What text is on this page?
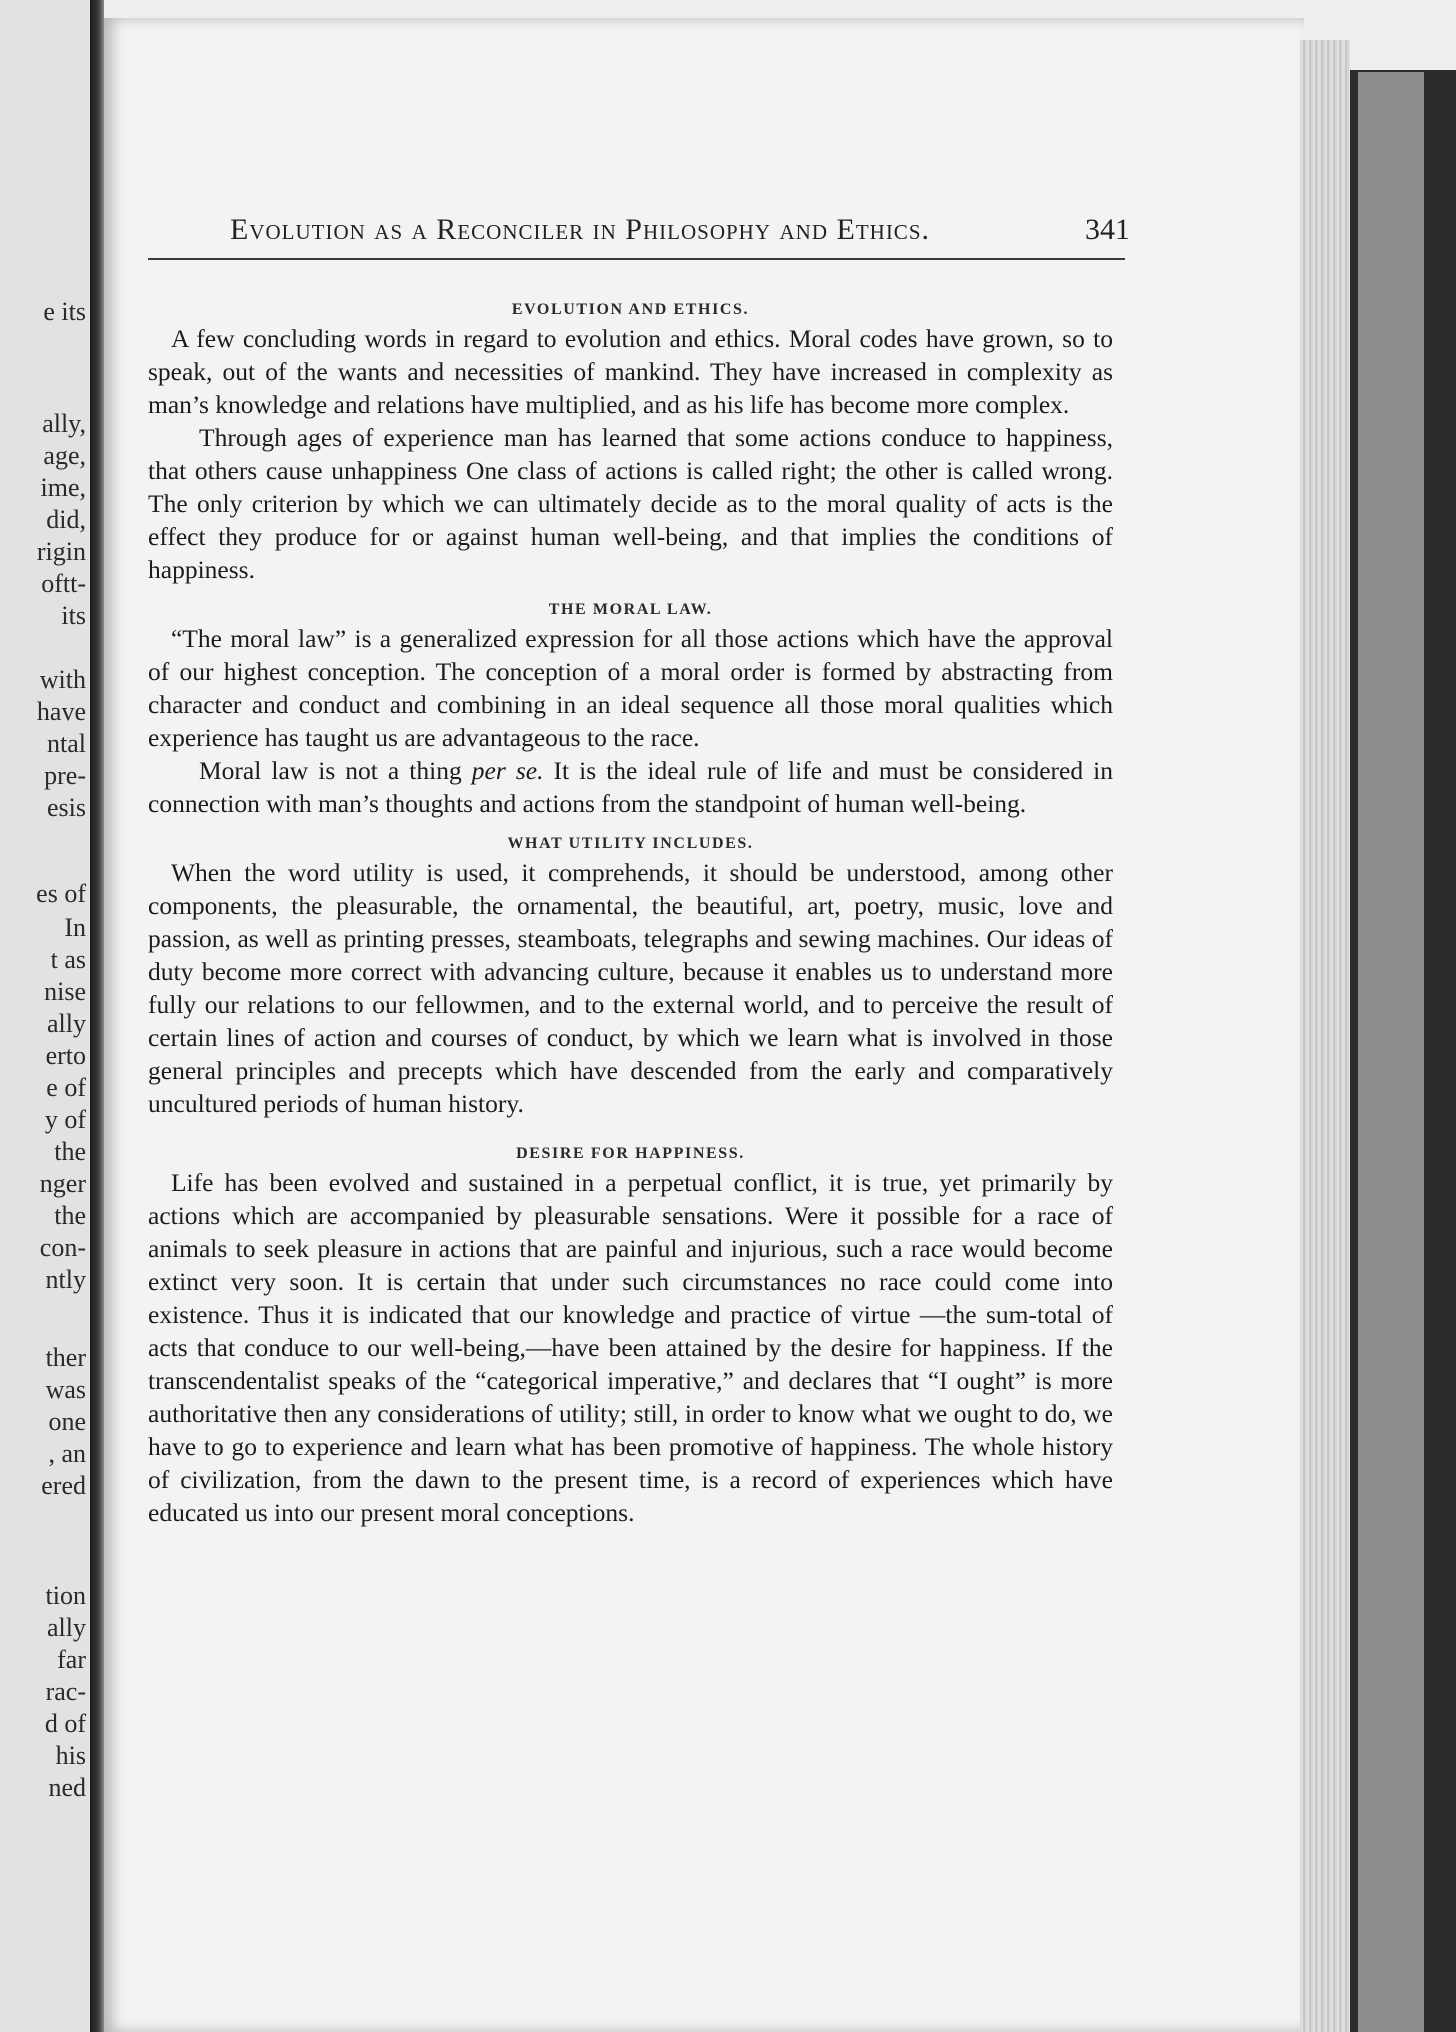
e its
ally,
age,
ime,
did,
rigin
oftt-
its
with
have
ntal
pre-
esis
es of
In
t as
nise
ally
erto
e of
y of
the
nger
the
con-
ntly
ther
was
one
, an
ered
tion
ally
far
rac-
d of
his
ned
Evolution as a Reconciler in Philosophy and Ethics.	341
EVOLUTION AND ETHICS.

A few concluding words in regard to evolution and ethics. Moral codes have grown, so to speak, out of the wants and necessities of mankind. They have increased in complexity as man’s knowledge and relations have multiplied, and as his life has become more complex.

Through ages of experience man has learned that some actions conduce to happiness, that others cause unhappiness One class of actions is called right; the other is called wrong. The only criterion by which we can ultimately decide as to the moral quality of acts is the effect they produce for or against human well-being, and that implies the conditions of happiness.

THE MORAL LAW.

“The moral law” is a generalized expression for all those actions which have the approval of our highest conception. The conception of a moral order is formed by abstracting from character and conduct and combining in an ideal sequence all those moral qualities which experience has taught us are advantageous to the race.

Moral law is not a thing per se. It is the ideal rule of life and must be considered in connection with man’s thoughts and actions from the standpoint of human well-being.

WHAT UTILITY INCLUDES.

When the word utility is used, it comprehends, it should be understood, among other components, the pleasurable, the ornamental, the beautiful, art, poetry, music, love and passion, as well as printing presses, steamboats, telegraphs and sewing machines. Our ideas of duty become more correct with advancing culture, because it enables us to understand more fully our relations to our fellowmen, and to the external world, and to perceive the result of certain lines of action and courses of conduct, by which we learn what is involved in those general principles and precepts which have descended from the early and comparatively uncultured periods of human history.

DESIRE FOR HAPPINESS.

Life has been evolved and sustained in a perpetual conflict, it is true, yet primarily by actions which are accompanied by pleasurable sensations. Were it possible for a race of animals to seek pleasure in actions that are painful and injurious, such a race would become extinct very soon. It is certain that under such circumstances no race could come into existence. Thus it is indicated that our knowledge and practice of virtue —the sum-total of acts that conduce to our well-being,—have been attained by the desire for happiness. If the transcendentalist speaks of the “categorical imperative,” and declares that “I ought” is more authoritative then any considerations of utility; still, in order to know what we ought to do, we have to go to experience and learn what has been promotive of happiness. The whole history of civilization, from the dawn to the present time, is a record of experiences which have educated us into our present moral conceptions.
